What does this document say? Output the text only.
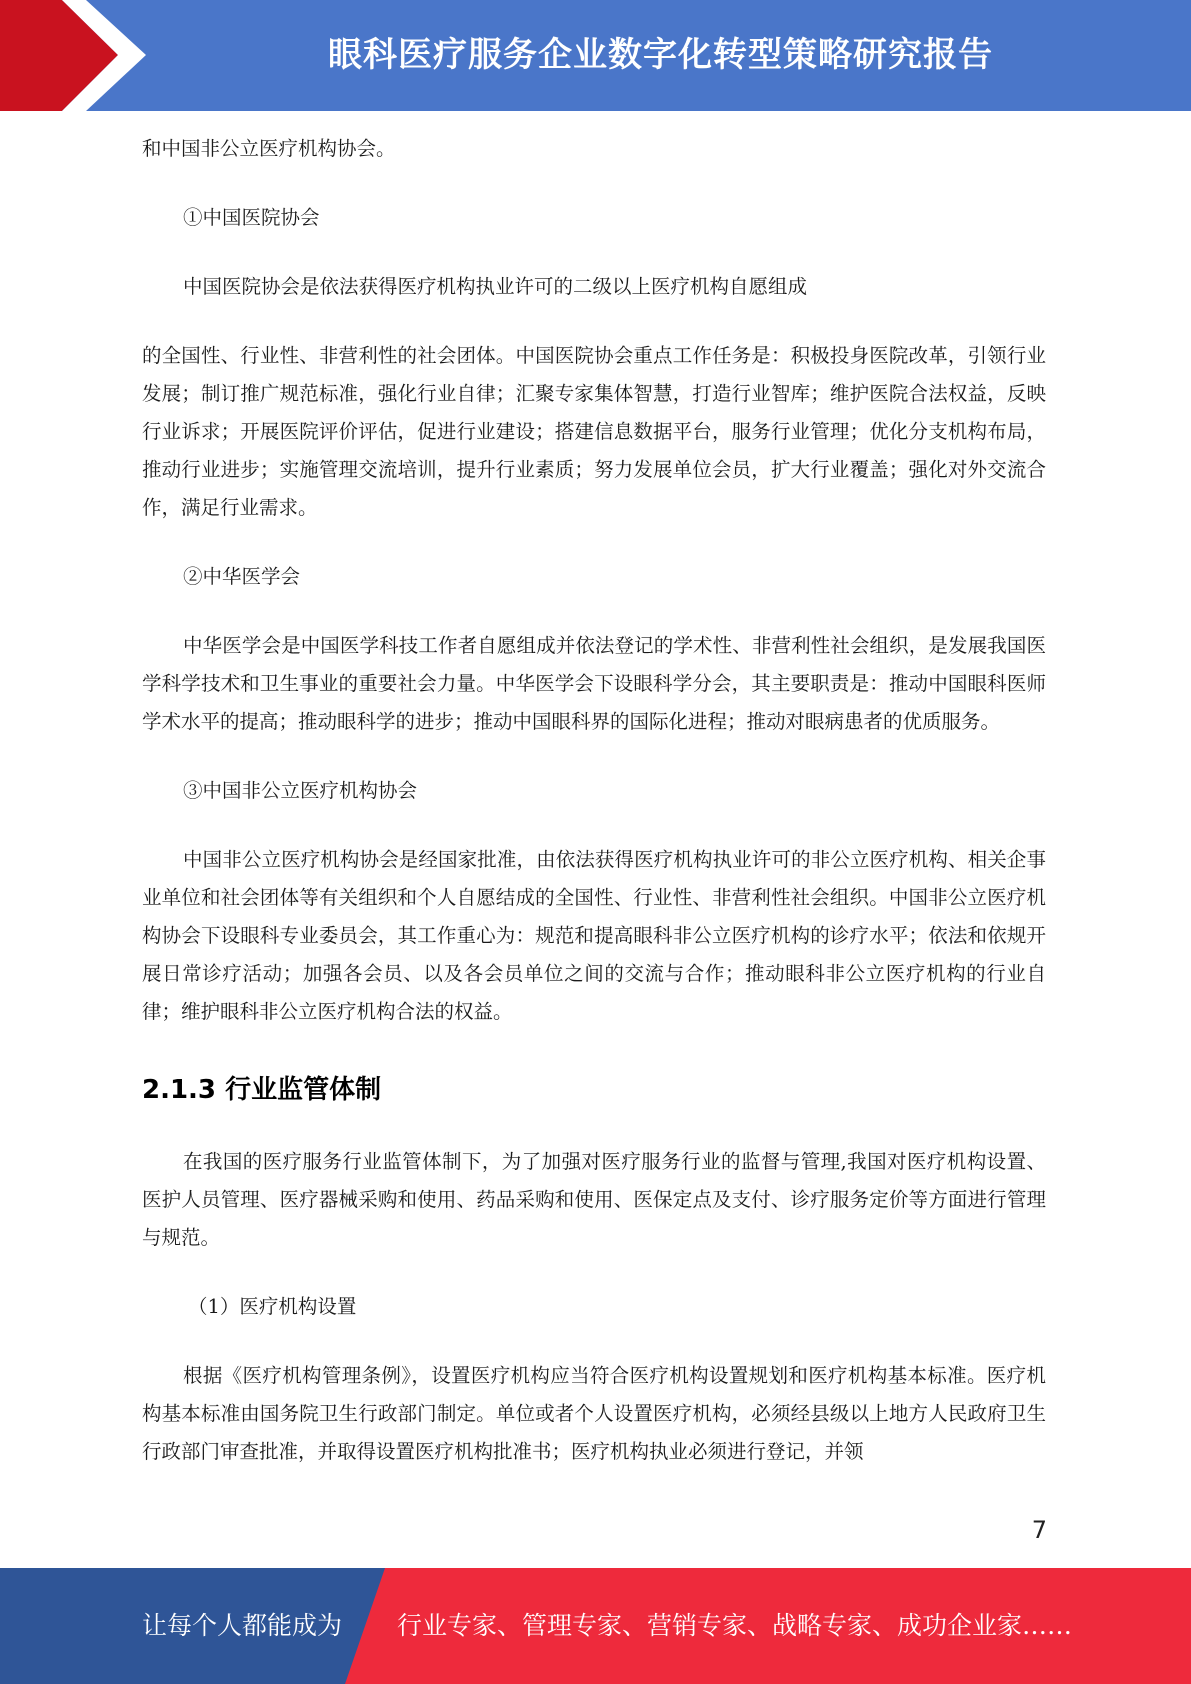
眼科医疗服务企业数字化转型策略研究报告

和中国非公立医疗机构协会。

①中国医院协会

中国医院协会是依法获得医疗机构执业许可的二级以上医疗机构自愿组成

的全国性、行业性、非营利性的社会团体。中国医院协会重点工作任务是：积极投身医院改革，引领行业发展；制订推广规范标准，强化行业自律；汇聚专家集体智慧，打造行业智库；维护医院合法权益，反映行业诉求；开展医院评价评估，促进行业建设；搭建信息数据平台，服务行业管理；优化分支机构布局，推动行业进步；实施管理交流培训，提升行业素质；努力发展单位会员，扩大行业覆盖；强化对外交流合作，满足行业需求。

②中华医学会

中华医学会是中国医学科技工作者自愿组成并依法登记的学术性、非营利性社会组织，是发展我国医学科学技术和卫生事业的重要社会力量。中华医学会下设眼科学分会，其主要职责是：推动中国眼科医师学术水平的提高；推动眼科学的进步；推动中国眼科界的国际化进程；推动对眼病患者的优质服务。

③中国非公立医疗机构协会

中国非公立医疗机构协会是经国家批准，由依法获得医疗机构执业许可的非公立医疗机构、相关企事业单位和社会团体等有关组织和个人自愿结成的全国性、行业性、非营利性社会组织。中国非公立医疗机构协会下设眼科专业委员会，其工作重心为：规范和提高眼科非公立医疗机构的诊疗水平；依法和依规开展日常诊疗活动；加强各会员、以及各会员单位之间的交流与合作；推动眼科非公立医疗机构的行业自律；维护眼科非公立医疗机构合法的权益。

2.1.3 行业监管体制

在我国的医疗服务行业监管体制下，为了加强对医疗服务行业的监督与管理,我国对医疗机构设置、医护人员管理、医疗器械采购和使用、药品采购和使用、医保定点及支付、诊疗服务定价等方面进行管理与规范。

（1）医疗机构设置

根据《医疗机构管理条例》，设置医疗机构应当符合医疗机构设置规划和医疗机构基本标准。医疗机构基本标准由国务院卫生行政部门制定。单位或者个人设置医疗机构，必须经县级以上地方人民政府卫生行政部门审查批准，并取得设置医疗机构批准书；医疗机构执业必须进行登记，并领

7
让每个人都能成为 行业专家、管理专家、营销专家、战略专家、成功企业家……
